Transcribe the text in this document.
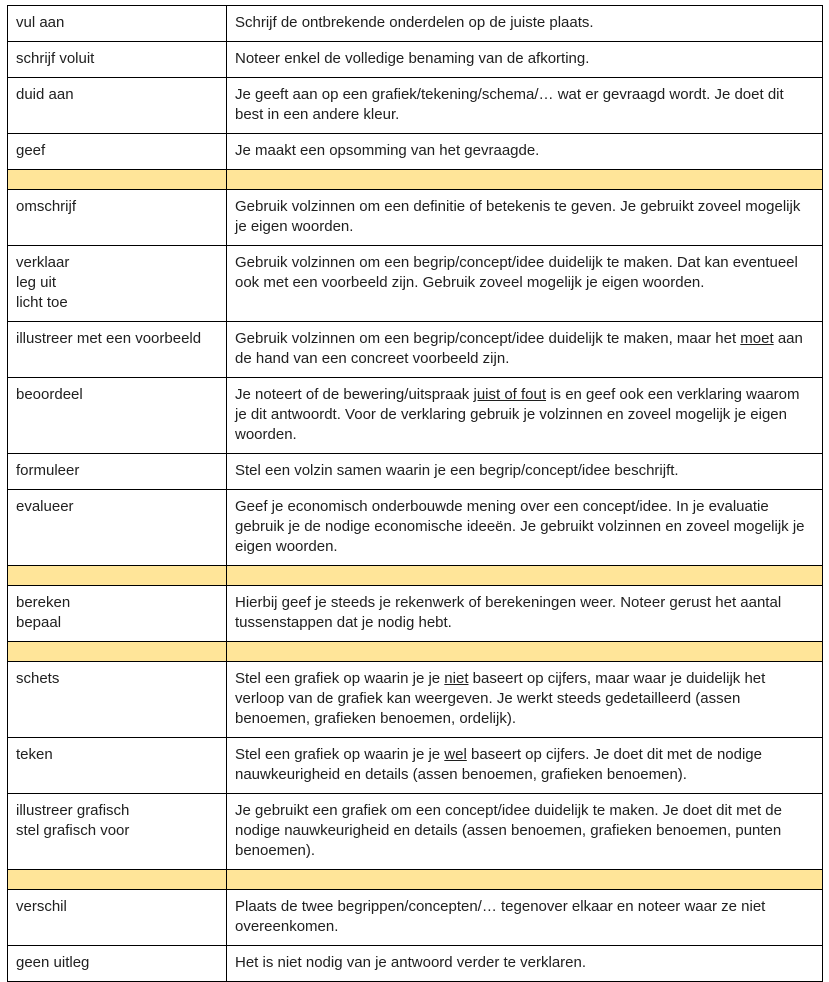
vul aan	Schrijf de ontbrekende onderdelen op de juiste plaats.

schrijf voluit	Noteer enkel de volledige benaming van de afkorting.

duid aan	Je geeft aan op een grafiek/tekening/schema/… wat er gevraagd wordt. Je doet dit best in een andere kleur.

geef	Je maakt een opsomming van het gevraagde.

omschrijf	Gebruik volzinnen om een definitie of betekenis te geven. Je gebruikt zoveel mogelijk je eigen woorden.

verklaar
leg uit
licht toe	Gebruik volzinnen om een begrip/concept/idee duidelijk te maken. Dat kan eventueel ook met een voorbeeld zijn. Gebruik zoveel mogelijk je eigen woorden.

illustreer met een voorbeeld	Gebruik volzinnen om een begrip/concept/idee duidelijk te maken, maar het moet aan de hand van een concreet voorbeeld zijn.

beoordeel	Je noteert of de bewering/uitspraak juist of fout is en geef ook een verklaring waarom je dit antwoordt. Voor de verklaring gebruik je volzinnen en zoveel mogelijk je eigen woorden.

formuleer	Stel een volzin samen waarin je een begrip/concept/idee beschrijft.

evalueer	Geef je economisch onderbouwde mening over een concept/idee. In je evaluatie gebruik je de nodige economische ideeën. Je gebruikt volzinnen en zoveel mogelijk je eigen woorden.

bereken
bepaal	Hierbij geef je steeds je rekenwerk of berekeningen weer. Noteer gerust het aantal tussenstappen dat je nodig hebt.

schets	Stel een grafiek op waarin je je niet baseert op cijfers, maar waar je duidelijk het verloop van de grafiek kan weergeven. Je werkt steeds gedetailleerd (assen benoemen, grafieken benoemen, ordelijk).

teken	Stel een grafiek op waarin je je wel baseert op cijfers. Je doet dit met de nodige nauwkeurigheid en details (assen benoemen, grafieken benoemen).

illustreer grafisch
stel grafisch voor	Je gebruikt een grafiek om een concept/idee duidelijk te maken. Je doet dit met de nodige nauwkeurigheid en details (assen benoemen, grafieken benoemen, punten benoemen).

verschil	Plaats de twee begrippen/concepten/… tegenover elkaar en noteer waar ze niet overeenkomen.

geen uitleg	Het is niet nodig van je antwoord verder te verklaren.
